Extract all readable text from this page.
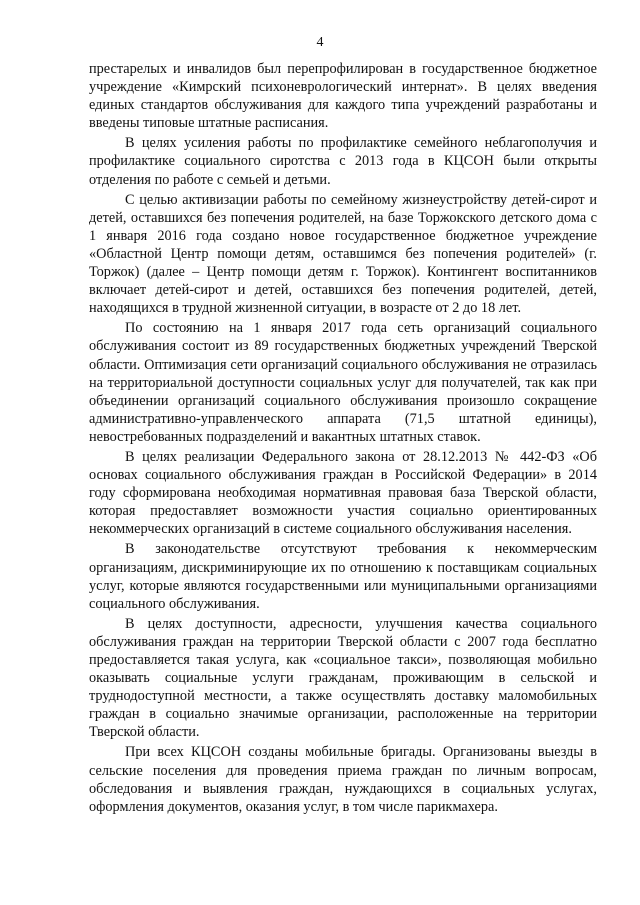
4

престарелых и инвалидов был перепрофилирован в государственное бюджетное учреждение «Кимрский психоневрологический интернат». В целях введения единых стандартов обслуживания для каждого типа учреждений разработаны и введены типовые штатные расписания.

В целях усиления работы по профилактике семейного неблагополучия и профилактике социального сиротства с 2013 года в КЦСОН были открыты отделения по работе с семьей и детьми.

С целью активизации работы по семейному жизнеустройству детей-сирот и детей, оставшихся без попечения родителей, на базе Торжокского детского дома с 1 января 2016 года создано новое государственное бюджетное учреждение «Областной Центр помощи детям, оставшимся без попечения родителей» (г. Торжок) (далее – Центр помощи детям г. Торжок). Контингент воспитанников включает детей-сирот и детей, оставшихся без попечения родителей, детей, находящихся в трудной жизненной ситуации, в возрасте от 2 до 18 лет.

По состоянию на 1 января 2017 года сеть организаций социального обслуживания состоит из 89 государственных бюджетных учреждений Тверской области. Оптимизация сети организаций социального обслуживания не отразилась на территориальной доступности социальных услуг для получателей, так как при объединении организаций социального обслуживания произошло сокращение административно-управленческого аппарата (71,5 штатной единицы), невостребованных подразделений и вакантных штатных ставок.

В целях реализации Федерального закона от 28.12.2013 № 442-ФЗ «Об основах социального обслуживания граждан в Российской Федерации» в 2014 году сформирована необходимая нормативная правовая база Тверской области, которая предоставляет возможности участия социально ориентированных некоммерческих организаций в системе социального обслуживания населения.

В законодательстве отсутствуют требования к некоммерческим организациям, дискриминирующие их по отношению к поставщикам социальных услуг, которые являются государственными или муниципальными организациями социального обслуживания.

В целях доступности, адресности, улучшения качества социального обслуживания граждан на территории Тверской области с 2007 года бесплатно предоставляется такая услуга, как «социальное такси», позволяющая мобильно оказывать социальные услуги гражданам, проживающим в сельской и труднодоступной местности, а также осуществлять доставку маломобильных граждан в социально значимые организации, расположенные на территории Тверской области.

При всех КЦСОН созданы мобильные бригады. Организованы выезды в сельские поселения для проведения приема граждан по личным вопросам, обследования и выявления граждан, нуждающихся в социальных услугах, оформления документов, оказания услуг, в том числе парикмахера.
